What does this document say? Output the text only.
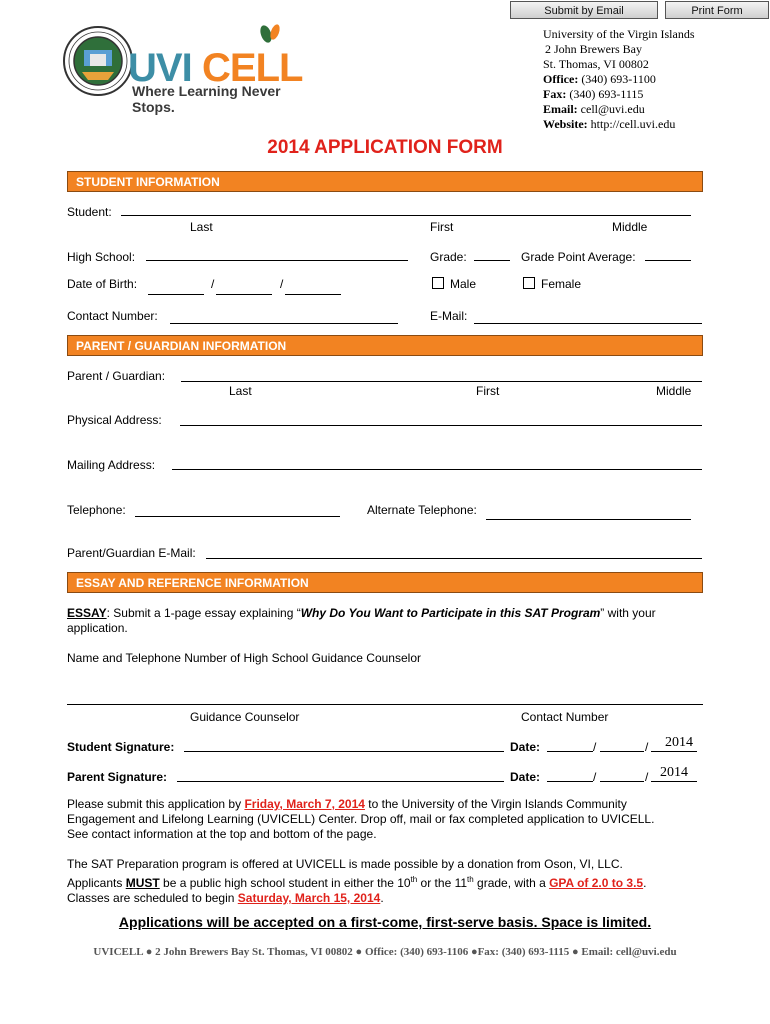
Submit by Email	Print Form
UVI CELL
Where Learning Never Stops.
University of the Virgin Islands
2 John Brewers Bay
St. Thomas, VI 00802
Office: (340) 693-1100
Fax: (340) 693-1115
Email: cell@uvi.edu
Website: http://cell.uvi.edu
2014 APPLICATION FORM
STUDENT INFORMATION
Student:
Last	First	Middle
High School:	Grade:	Grade Point Average:
Date of Birth:	/	/	Male	Female
Contact Number:	E-Mail:
PARENT / GUARDIAN INFORMATION
Parent / Guardian:
Last	First	Middle
Physical Address:
Mailing Address:
Telephone:	Alternate Telephone:
Parent/Guardian E-Mail:
ESSAY AND REFERENCE INFORMATION
ESSAY: Submit a 1-page essay explaining “Why Do You Want to Participate in this SAT Program” with your
application.
Name and Telephone Number of High School Guidance Counselor
Guidance Counselor	Contact Number
Student Signature:	Date:	/	/ 2014
Parent Signature:	Date:	/	/ 2014
Please submit this application by Friday, March 7, 2014 to the University of the Virgin Islands Community
Engagement and Lifelong Learning (UVICELL) Center. Drop off, mail or fax completed application to UVICELL.
See contact information at the top and bottom of the page.
The SAT Preparation program is offered at UVICELL is made possible by a donation from Oson, VI, LLC.
Applicants MUST be a public high school student in either the 10th or the 11th grade, with a GPA of 2.0 to 3.5.
Classes are scheduled to begin Saturday, March 15, 2014.
Applications will be accepted on a first-come, first-serve basis. Space is limited.
UVICELL ● 2 John Brewers Bay St. Thomas, VI 00802 ● Office: (340) 693-1106 ●Fax: (340) 693-1115 ● Email: cell@uvi.edu
